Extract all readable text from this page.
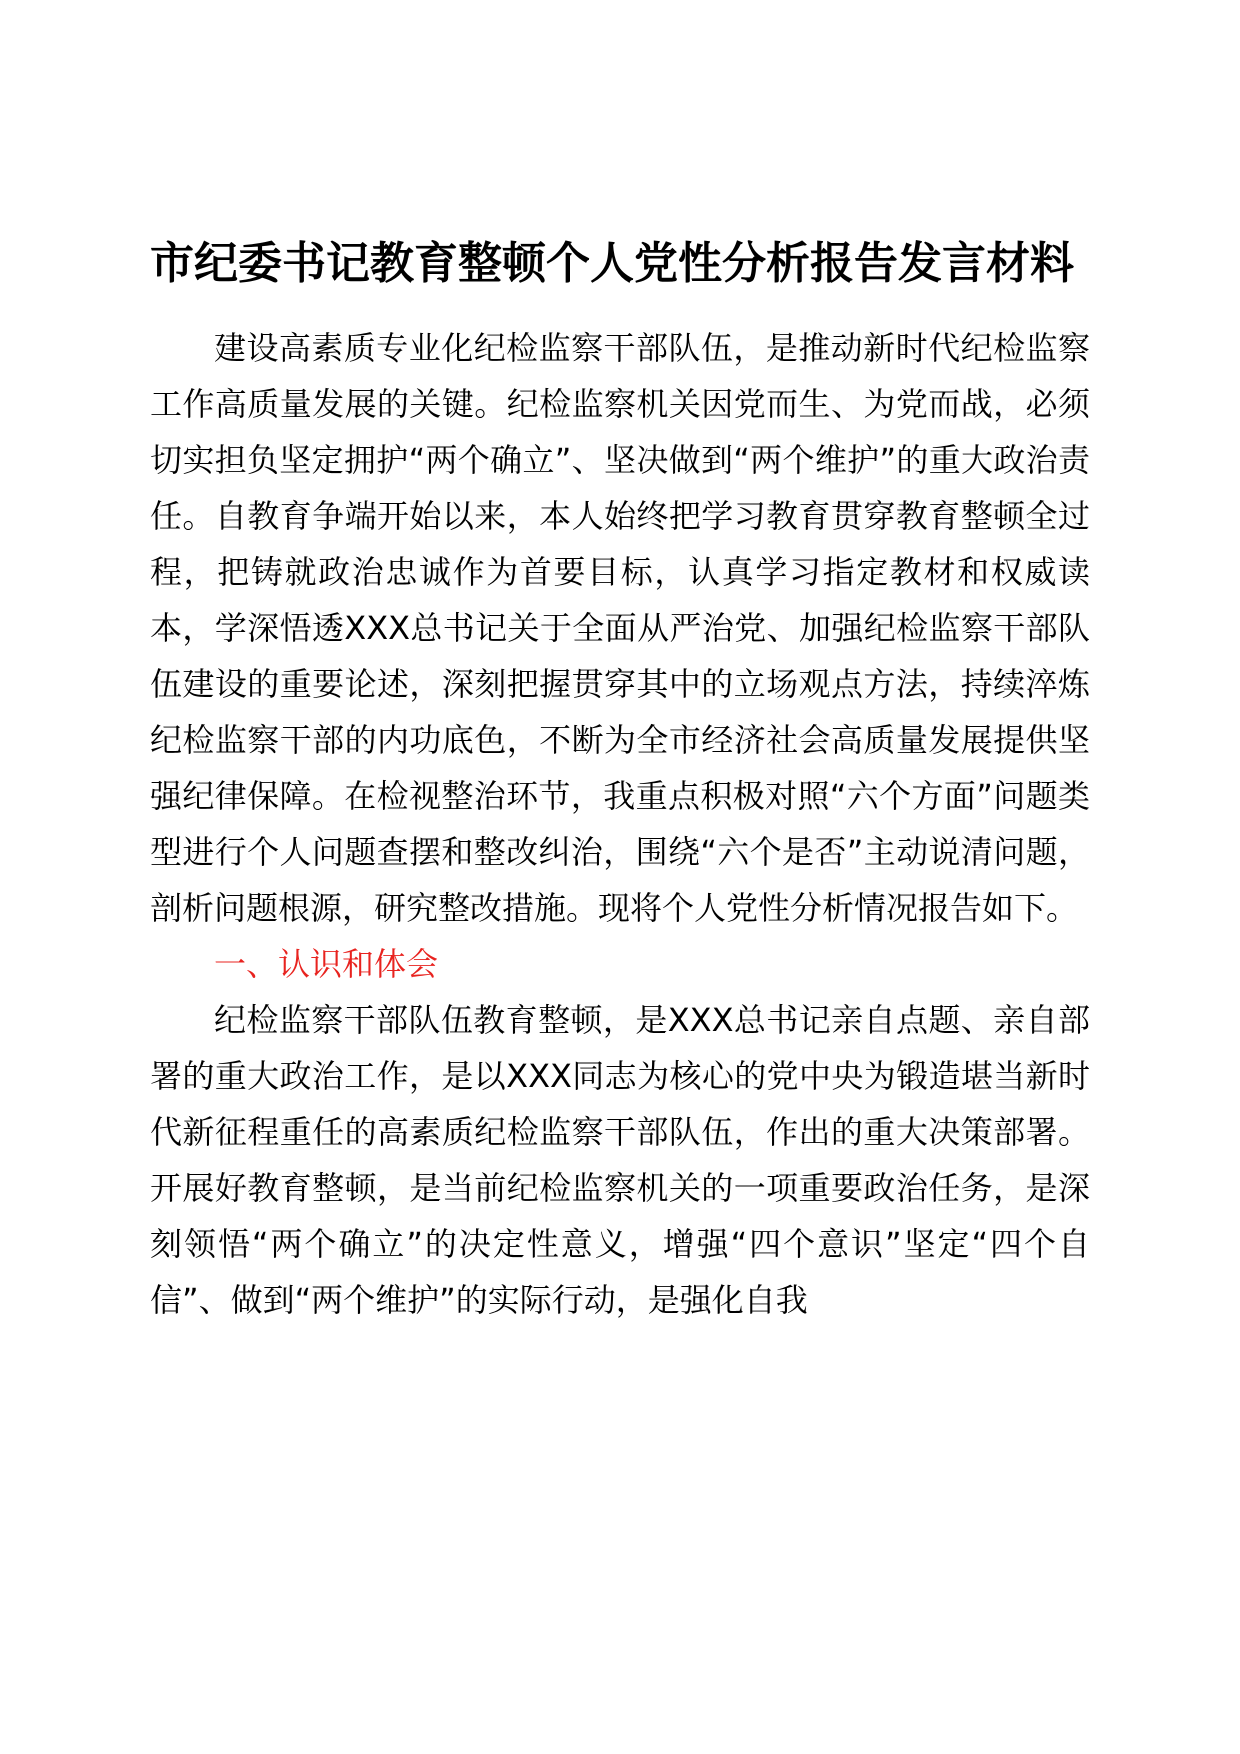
市纪委书记教育整顿个人党性分析报告发言材料

建设高素质专业化纪检监察干部队伍，是推动新时代纪检监察工作高质量发展的关键。纪检监察机关因党而生、为党而战，必须切实担负坚定拥护“两个确立”、坚决做到“两个维护”的重大政治责任。自教育争端开始以来，本人始终把学习教育贯穿教育整顿全过程，把铸就政治忠诚作为首要目标，认真学习指定教材和权威读本，学深悟透XXX总书记关于全面从严治党、加强纪检监察干部队伍建设的重要论述，深刻把握贯穿其中的立场观点方法，持续淬炼纪检监察干部的内功底色，不断为全市经济社会高质量发展提供坚强纪律保障。在检视整治环节，我重点积极对照“六个方面”问题类型进行个人问题查摆和整改纠治，围绕“六个是否”主动说清问题，剖析问题根源，研究整改措施。现将个人党性分析情况报告如下。

一、认识和体会

纪检监察干部队伍教育整顿，是XXX总书记亲自点题、亲自部署的重大政治工作，是以XXX同志为核心的党中央为锻造堪当新时代新征程重任的高素质纪检监察干部队伍，作出的重大决策部署。开展好教育整顿，是当前纪检监察机关的一项重要政治任务，是深刻领悟“两个确立”的决定性意义，增强“四个意识”坚定“四个自信”、做到“两个维护”的实际行动，是强化自我
